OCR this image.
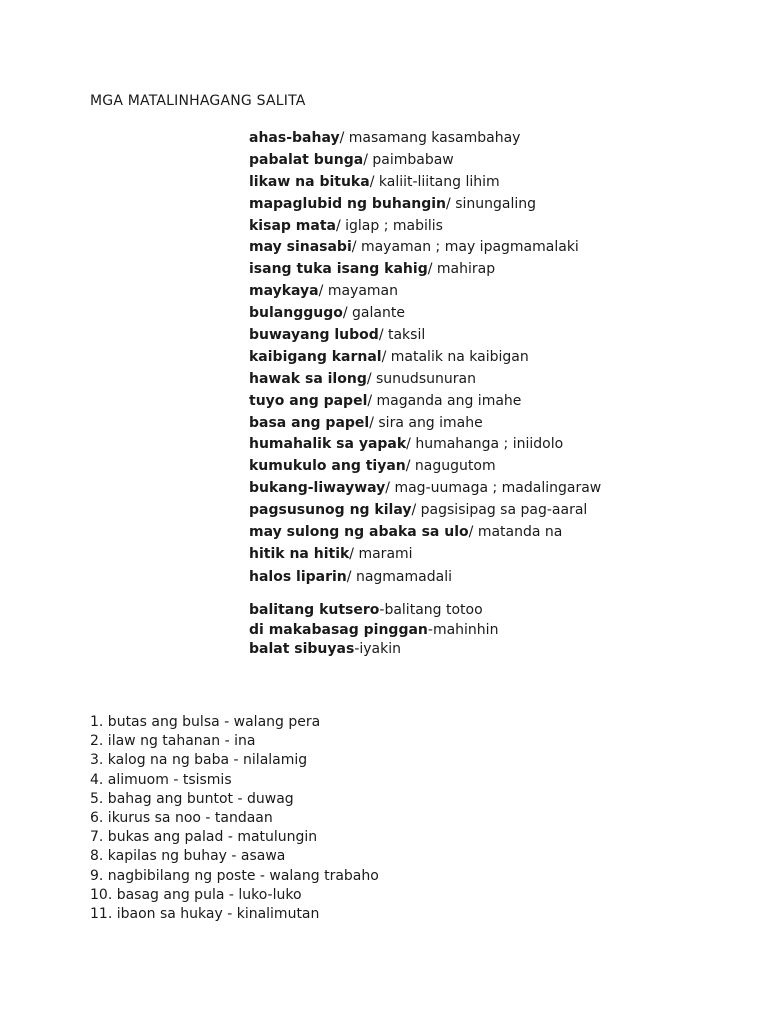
MGA MATALINHAGANG SALITA
ahas-bahay/ masamang kasambahay
pabalat bunga/ paimbabaw
likaw na bituka/ kaliit-liitang lihim
mapaglubid ng buhangin/ sinungaling
kisap mata/ iglap ; mabilis
may sinasabi/ mayaman ; may ipagmamalaki
isang tuka isang kahig/ mahirap
maykaya/ mayaman
bulanggugo/ galante
buwayang lubod/ taksil
kaibigang karnal/ matalik na kaibigan
hawak sa ilong/ sunudsunuran
tuyo ang papel/ maganda ang imahe
basa ang papel/ sira ang imahe
humahalik sa yapak/ humahanga ; iniidolo
kumukulo ang tiyan/ nagugutom
bukang-liwayway/ mag-uumaga ; madalingaraw
pagsusunog ng kilay/ pagsisipag sa pag-aaral
may sulong ng abaka sa ulo/ matanda na
hitik na hitik/ marami
halos liparin/ nagmamadali
balitang kutsero-balitang totoo
di makabasag pinggan-mahinhin
balat sibuyas-iyakin
1. butas ang bulsa - walang pera
2. ilaw ng tahanan - ina
3. kalog na ng baba - nilalamig
4. alimuom - tsismis
5. bahag ang buntot - duwag
6. ikurus sa noo - tandaan
7. bukas ang palad - matulungin
8. kapilas ng buhay - asawa
9. nagbibilang ng poste - walang trabaho
10. basag ang pula - luko-luko
11. ibaon sa hukay - kinalimutan
